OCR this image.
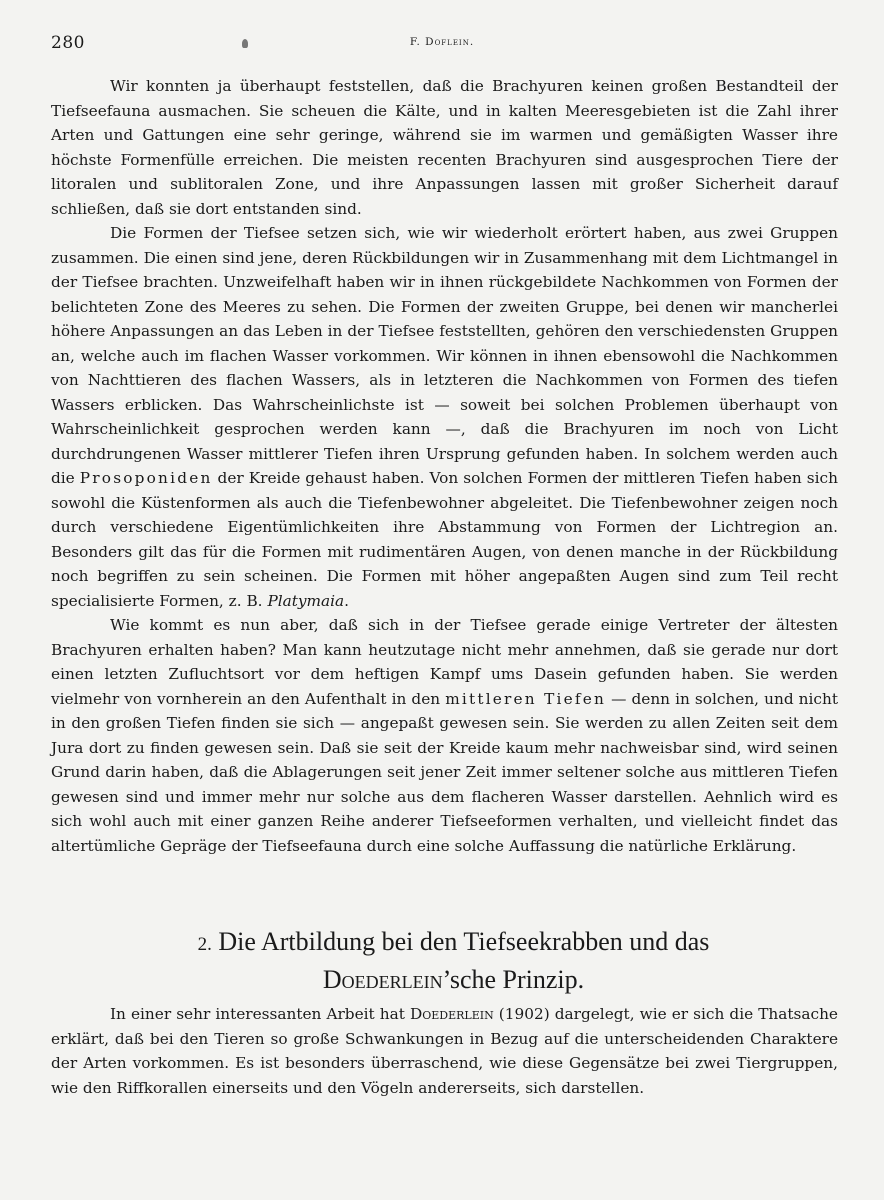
280	F. Doflein.

Wir konnten ja überhaupt feststellen, daß die Brachyuren keinen großen Bestandteil der Tiefseefauna ausmachen. Sie scheuen die Kälte, und in kalten Meeresgebieten ist die Zahl ihrer Arten und Gattungen eine sehr geringe, während sie im warmen und gemäßigten Wasser ihre höchste Formenfülle erreichen. Die meisten recenten Brachyuren sind ausgesprochen Tiere der litoralen und sublitoralen Zone, und ihre Anpassungen lassen mit großer Sicherheit darauf schließen, daß sie dort entstanden sind.

Die Formen der Tiefsee setzen sich, wie wir wiederholt erörtert haben, aus zwei Gruppen zusammen. Die einen sind jene, deren Rückbildungen wir in Zusammenhang mit dem Lichtmangel in der Tiefsee brachten. Unzweifelhaft haben wir in ihnen rückgebildete Nachkommen von Formen der belichteten Zone des Meeres zu sehen. Die Formen der zweiten Gruppe, bei denen wir mancherlei höhere Anpassungen an das Leben in der Tiefsee feststellten, gehören den verschiedensten Gruppen an, welche auch im flachen Wasser vorkommen. Wir können in ihnen ebensowohl die Nachkommen von Nachttieren des flachen Wassers, als in letzteren die Nachkommen von Formen des tiefen Wassers erblicken. Das Wahrscheinlichste ist — soweit bei solchen Problemen überhaupt von Wahrscheinlichkeit gesprochen werden kann —, daß die Brachyuren im noch von Licht durchdrungenen Wasser mittlerer Tiefen ihren Ursprung gefunden haben. In solchem werden auch die Prosoponiden der Kreide gehaust haben. Von solchen Formen der mittleren Tiefen haben sich sowohl die Küstenformen als auch die Tiefenbewohner abgeleitet. Die Tiefenbewohner zeigen noch durch verschiedene Eigentümlichkeiten ihre Abstammung von Formen der Lichtregion an. Besonders gilt das für die Formen mit rudimentären Augen, von denen manche in der Rückbildung noch begriffen zu sein scheinen. Die Formen mit höher angepaßten Augen sind zum Teil recht specialisierte Formen, z. B. Platymaia.

Wie kommt es nun aber, daß sich in der Tiefsee gerade einige Vertreter der ältesten Brachyuren erhalten haben? Man kann heutzutage nicht mehr annehmen, daß sie gerade nur dort einen letzten Zufluchtsort vor dem heftigen Kampf ums Dasein gefunden haben. Sie werden vielmehr von vornherein an den Aufenthalt in den mittleren Tiefen — denn in solchen, und nicht in den großen Tiefen finden sie sich — angepaßt gewesen sein. Sie werden zu allen Zeiten seit dem Jura dort zu finden gewesen sein. Daß sie seit der Kreide kaum mehr nachweisbar sind, wird seinen Grund darin haben, daß die Ablagerungen seit jener Zeit immer seltener solche aus mittleren Tiefen gewesen sind und immer mehr nur solche aus dem flacheren Wasser darstellen. Aehnlich wird es sich wohl auch mit einer ganzen Reihe anderer Tiefseeformen verhalten, und vielleicht findet das altertümliche Gepräge der Tiefseefauna durch eine solche Auffassung die natürliche Erklärung.

2. Die Artbildung bei den Tiefseekrabben und das
Doederlein’sche Prinzip.

In einer sehr interessanten Arbeit hat Doederlein (1902) dargelegt, wie er sich die Thatsache erklärt, daß bei den Tieren so große Schwankungen in Bezug auf die unterscheidenden Charaktere der Arten vorkommen. Es ist besonders überraschend, wie diese Gegensätze bei zwei Tiergruppen, wie den Riffkorallen einerseits und den Vögeln andererseits, sich darstellen.
